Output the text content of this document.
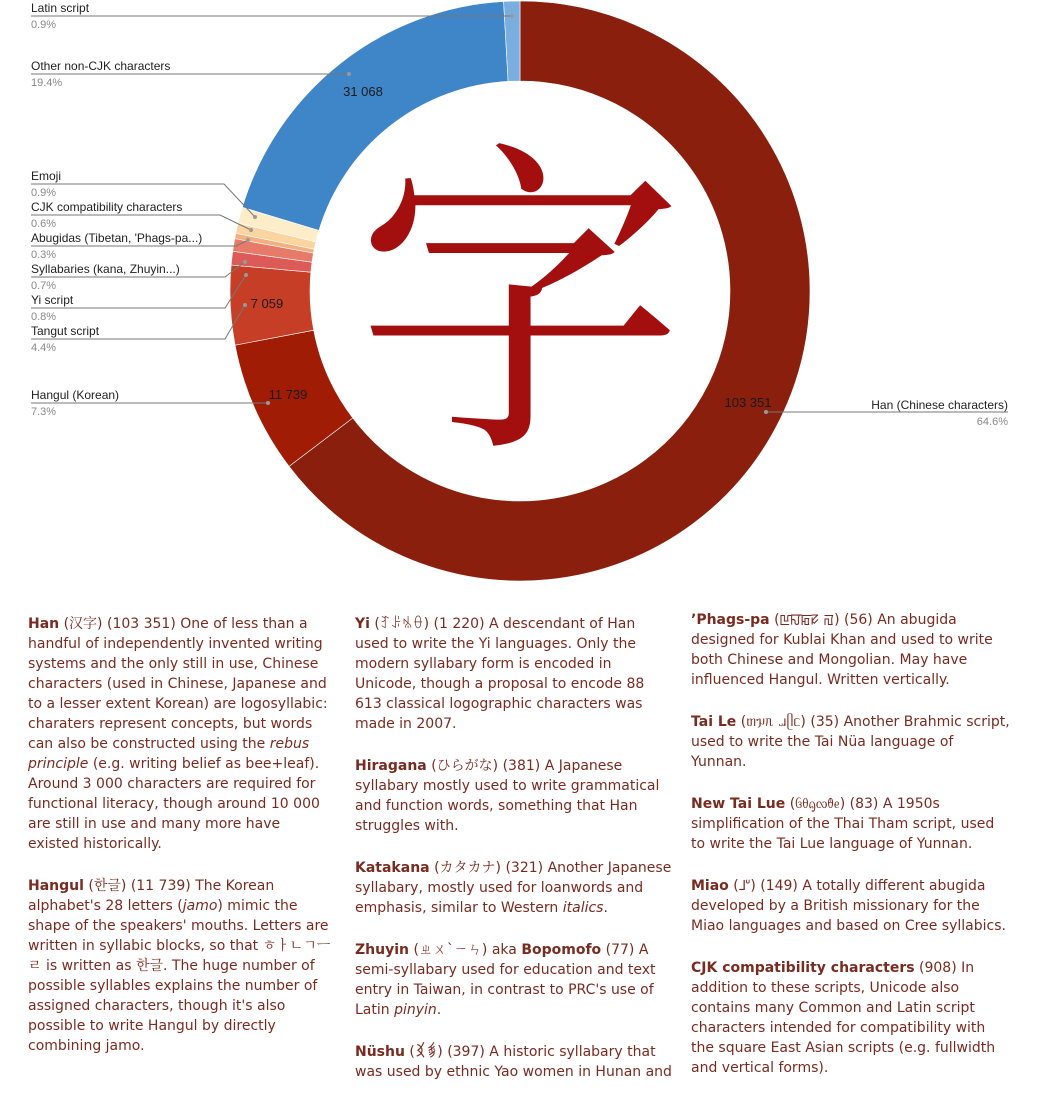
Han (Chinese characters)
64.6%
103 351
Hangul (Korean)
7.3%
11 739
Tangut script
4.4%
7 059
Yi script
0.8%
Syllabaries (kana, Zhuyin...)
0.7%
Abugidas (Tibetan, 'Phags-pa...)
0.3%
CJK compatibility characters
0.6%
Emoji
0.9%
Other non-CJK characters
19.4%
31 068
Latin script
0.9%
字

Han (汉字) (103 351) One of less than a handful of independently invented writing systems and the only still in use, Chinese characters (used in Chinese, Japanese and to a lesser extent Korean) are logosyllabic: charaters represent concepts, but words can also be constructed using the rebus principle (e.g. writing belief as bee+leaf). Around 3 000 characters are required for functional literacy, though around 10 000 are still in use and many more have existed historically.

Hangul (한글) (11 739) The Korean alphabet's 28 letters (jamo) mimic the shape of the speakers' mouths. Letters are written in syllabic blocks, so that ㅎㅏㄴㄱㅡㄹ is written as 한글. The huge number of possible syllables explains the number of assigned characters, though it's also possible to write Hangul by directly combining jamo.

Yi (ꆈꌠꁱꂷ) (1 220) A descendant of Han used to write the Yi languages. Only the modern syllabary form is encoded in Unicode, though a proposal to encode 88 613 classical logographic characters was made in 2007.

Hiragana (ひらがな) (381) A Japanese syllabary mostly used to write grammatical and function words, something that Han struggles with.

Katakana (カタカナ) (321) Another Japanese syllabary, mostly used for loanwords and emphasis, similar to Western italics.

Zhuyin (ㄓㄨˋㄧㄣ) aka Bopomofo (77) A semi-syllabary used for education and text entry in Taiwan, in contrast to PRC's use of Latin pinyin.

Nüshu (𛆁𛈬) (397) A historic syllabary that was used by ethnic Yao women in Hunan and

ʼPhags-pa (ꡖꡍꡂꡛ ꡌ) (56) An abugida designed for Kublai Khan and used to write both Chinese and Mongolian. May have influenced Hangul. Written vertically.

Tai Le (ᥖᥭᥰ ᥘᥫᥴ) (35) Another Brahmic script, used to write the Tai Nüa language of Yunnan.

New Tai Lue (ᦑᦲᧂᦟᦹᧉ) (83) A 1950s simplification of the Thai Tham script, used to write the Tai Lue language of Yunnan.

Miao (𖼀𖽪𖾐) (149) A totally different abugida developed by a British missionary for the Miao languages and based on Cree syllabics.

CJK compatibility characters (908) In addition to these scripts, Unicode also contains many Common and Latin script characters intended for compatibility with the square East Asian scripts (e.g. fullwidth and vertical forms).
